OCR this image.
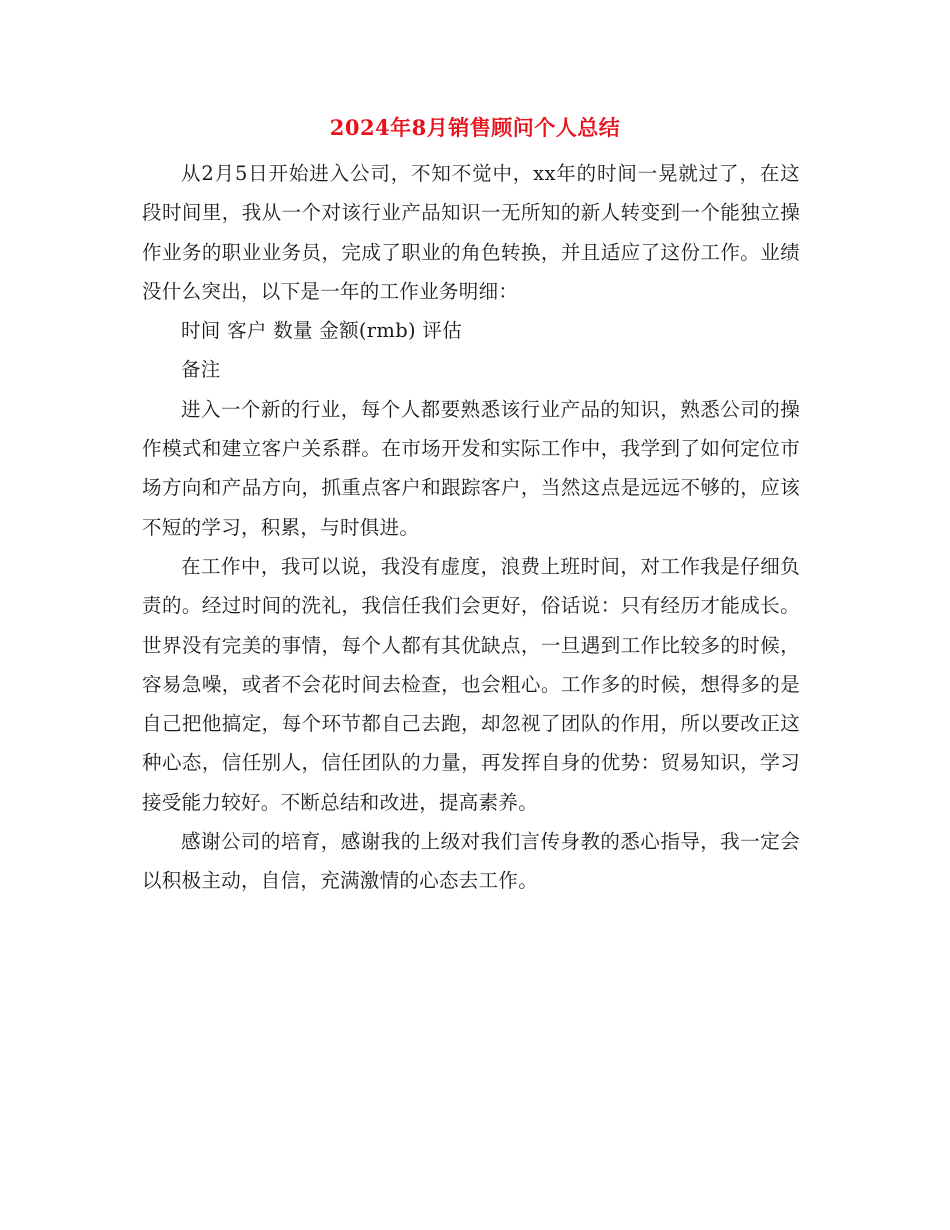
2024年8月销售顾问个人总结

从2月5日开始进入公司，不知不觉中，xx年的时间一晃就过了，在这段时间里，我从一个对该行业产品知识一无所知的新人转变到一个能独立操作业务的职业业务员，完成了职业的角色转换，并且适应了这份工作。业绩没什么突出，以下是一年的工作业务明细：

时间 客户 数量 金额(rmb) 评估

备注

进入一个新的行业，每个人都要熟悉该行业产品的知识，熟悉公司的操作模式和建立客户关系群。在市场开发和实际工作中，我学到了如何定位市场方向和产品方向，抓重点客户和跟踪客户，当然这点是远远不够的，应该不短的学习，积累，与时俱进。

在工作中，我可以说，我没有虚度，浪费上班时间，对工作我是仔细负责的。经过时间的洗礼，我信任我们会更好，俗话说：只有经历才能成长。世界没有完美的事情，每个人都有其优缺点，一旦遇到工作比较多的时候，容易急噪，或者不会花时间去检查，也会粗心。工作多的时候，想得多的是自己把他搞定，每个环节都自己去跑，却忽视了团队的作用，所以要改正这种心态，信任别人，信任团队的力量，再发挥自身的优势：贸易知识，学习接受能力较好。不断总结和改进，提高素养。

感谢公司的培育，感谢我的上级对我们言传身教的悉心指导，我一定会以积极主动，自信，充满激情的心态去工作。
